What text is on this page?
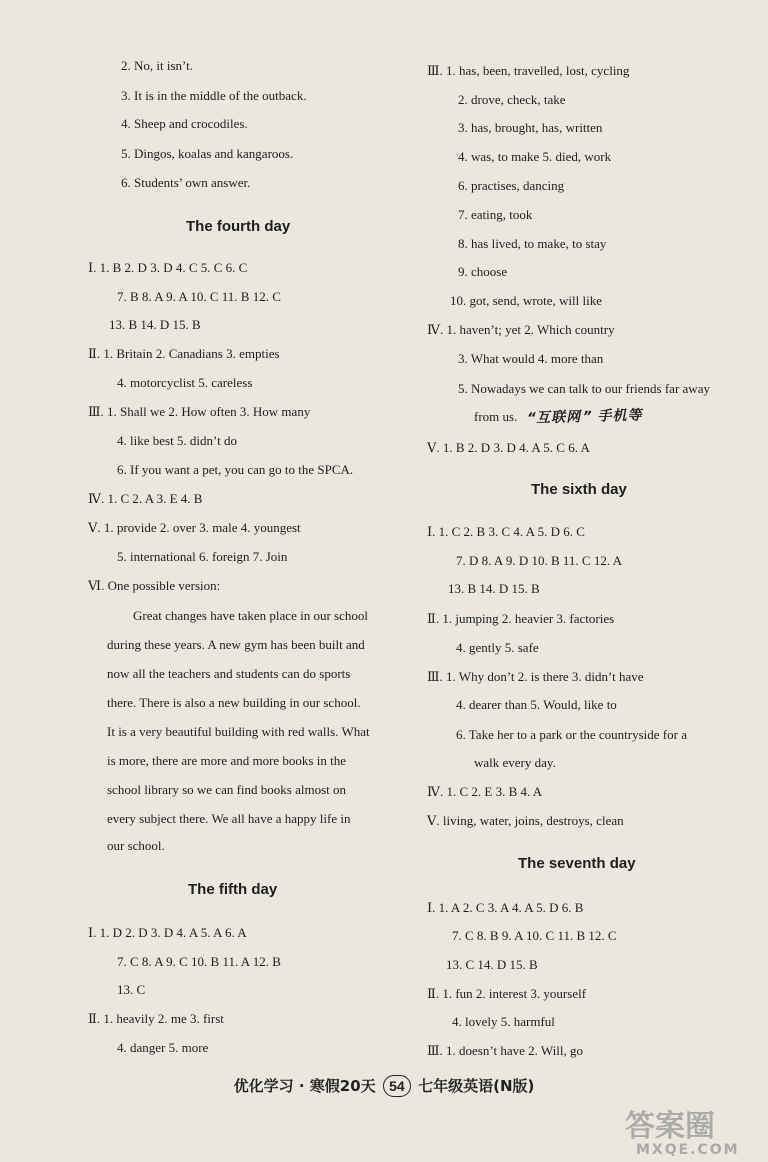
from us. “互联网” 手机等
优化学习 · 寒假20天 54 七年级英语(N版)
答案圈
MXQE.COM
2. No, it isn’t.
3. It is in the middle of the outback.
4. Sheep and crocodiles.
5. Dingos, koalas and kangaroos.
6. Students’ own answer.
Ⅰ. 1. B 2. D 3. D 4. C 5. C 6. C
7. B 8. A 9. A 10. C 11. B 12. C
13. B 14. D 15. B
Ⅱ. 1. Britain 2. Canadians 3. empties
4. motorcyclist 5. careless
Ⅲ. 1. Shall we 2. How often 3. How many
4. like best 5. didn’t do
6. If you want a pet, you can go to the SPCA.
Ⅳ. 1. C 2. A 3. E 4. B
Ⅴ. 1. provide 2. over 3. male 4. youngest
5. international 6. foreign 7. Join
Ⅵ. One possible version:
Great changes have taken place in our school
during these years. A new gym has been built and
now all the teachers and students can do sports
there. There is also a new building in our school.
It is a very beautiful building with red walls. What
is more, there are more and more books in the
school library so we can find books almost on
every subject there. We all have a happy life in
our school.
Ⅰ. 1. D 2. D 3. D 4. A 5. A 6. A
7. C 8. A 9. C 10. B 11. A 12. B
13. C
Ⅱ. 1. heavily 2. me 3. first
4. danger 5. more
The fourth day
The fifth day
Ⅲ. 1. has, been, travelled, lost, cycling
2. drove, check, take
3. has, brought, has, written
4. was, to make 5. died, work
6. practises, dancing
7. eating, took
8. has lived, to make, to stay
9. choose
10. got, send, wrote, will like
Ⅳ. 1. haven’t; yet 2. Which country
3. What would 4. more than
5. Nowadays we can talk to our friends far away
Ⅴ. 1. B 2. D 3. D 4. A 5. C 6. A
Ⅰ. 1. C 2. B 3. C 4. A 5. D 6. C
7. D 8. A 9. D 10. B 11. C 12. A
13. B 14. D 15. B
Ⅱ. 1. jumping 2. heavier 3. factories
4. gently 5. safe
Ⅲ. 1. Why don’t 2. is there 3. didn’t have
4. dearer than 5. Would, like to
6. Take her to a park or the countryside for a
walk every day.
Ⅳ. 1. C 2. E 3. B 4. A
Ⅴ. living, water, joins, destroys, clean
Ⅰ. 1. A 2. C 3. A 4. A 5. D 6. B
7. C 8. B 9. A 10. C 11. B 12. C
13. C 14. D 15. B
Ⅱ. 1. fun 2. interest 3. yourself
4. lovely 5. harmful
Ⅲ. 1. doesn’t have 2. Will, go
The sixth day
The seventh day
